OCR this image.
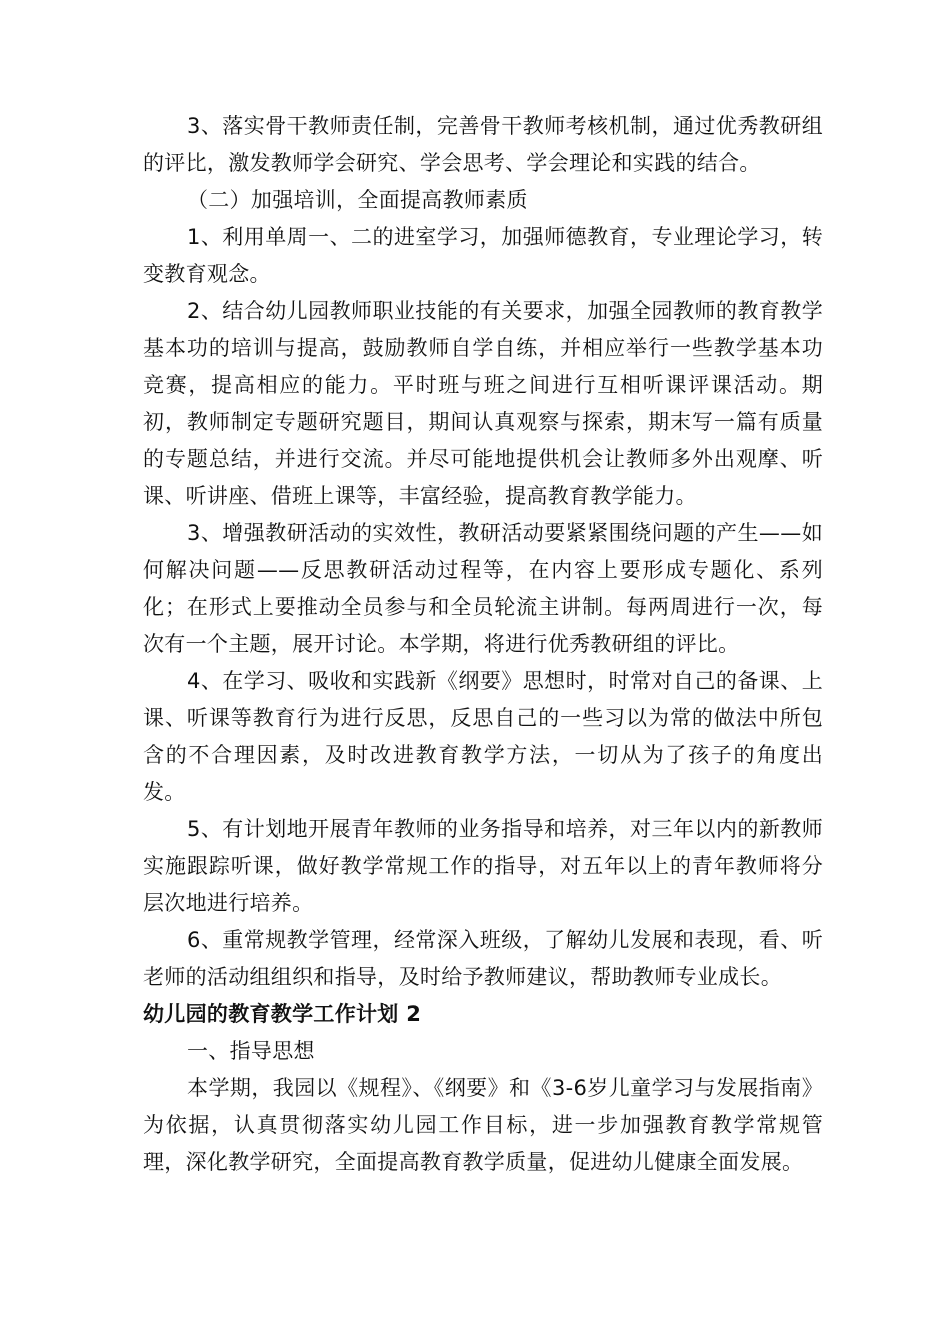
3、落实骨干教师责任制，完善骨干教师考核机制，通过优秀教研组的评比，激发教师学会研究、学会思考、学会理论和实践的结合。

（二）加强培训，全面提高教师素质

1、利用单周一、二的进室学习，加强师德教育，专业理论学习，转变教育观念。

2、结合幼儿园教师职业技能的有关要求，加强全园教师的教育教学基本功的培训与提高，鼓励教师自学自练，并相应举行一些教学基本功竞赛，提高相应的能力。平时班与班之间进行互相听课评课活动。期初，教师制定专题研究题目，期间认真观察与探索，期末写一篇有质量的专题总结，并进行交流。并尽可能地提供机会让教师多外出观摩、听课、听讲座、借班上课等，丰富经验，提高教育教学能力。

3、增强教研活动的实效性，教研活动要紧紧围绕问题的产生——如何解决问题——反思教研活动过程等，在内容上要形成专题化、系列化；在形式上要推动全员参与和全员轮流主讲制。每两周进行一次，每次有一个主题，展开讨论。本学期，将进行优秀教研组的评比。

4、在学习、吸收和实践新《纲要》思想时，时常对自己的备课、上课、听课等教育行为进行反思，反思自己的一些习以为常的做法中所包含的不合理因素，及时改进教育教学方法，一切从为了孩子的角度出发。

5、有计划地开展青年教师的业务指导和培养，对三年以内的新教师实施跟踪听课，做好教学常规工作的指导，对五年以上的青年教师将分层次地进行培养。

6、重常规教学管理，经常深入班级，了解幼儿发展和表现，看、听老师的活动组组织和指导，及时给予教师建议，帮助教师专业成长。

幼儿园的教育教学工作计划 2

一、指导思想

本学期，我园以《规程》、《纲要》和《3-6岁儿童学习与发展指南》为依据，认真贯彻落实幼儿园工作目标，进一步加强教育教学常规管理，深化教学研究，全面提高教育教学质量，促进幼儿健康全面发展。
